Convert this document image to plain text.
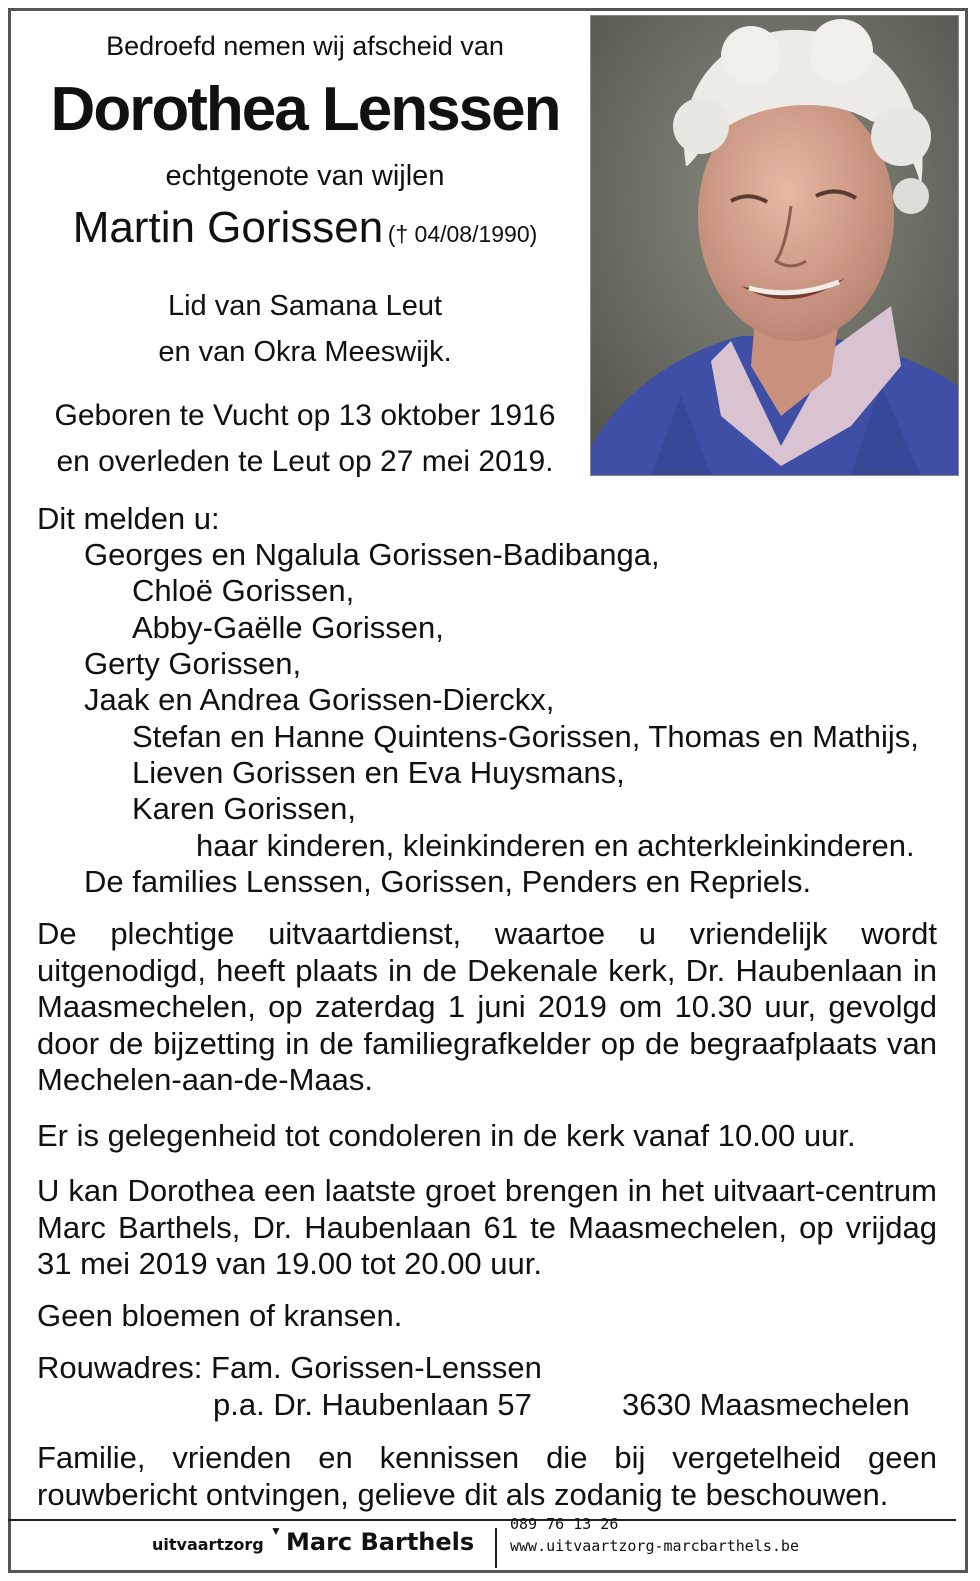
Bedroefd nemen wij afscheid van
Dorothea Lenssen
echtgenote van wijlen
Martin Gorissen († 04/08/1990)
Lid van Samana Leut
en van Okra Meeswijk.
Geboren te Vucht op 13 oktober 1916
en overleden te Leut op 27 mei 2019.
Dit melden u:
Georges en Ngalula Gorissen-Badibanga,
Chloë Gorissen,
Abby-Gaëlle Gorissen,
Gerty Gorissen,
Jaak en Andrea Gorissen-Dierckx,
Stefan en Hanne Quintens-Gorissen, Thomas en Mathijs,
Lieven Gorissen en Eva Huysmans,
Karen Gorissen,
haar kinderen, kleinkinderen en achterkleinkinderen.
De families Lenssen, Gorissen, Penders en Repriels.
De plechtige uitvaartdienst, waartoe u vriendelijk wordt uitgenodigd, heeft plaats in de Dekenale kerk, Dr. Haubenlaan in Maasmechelen, op zaterdag 1 juni 2019 om 10.30 uur, gevolgd door de bijzetting in de familiegrafkelder op de begraafplaats van Mechelen-aan-de-Maas.
Er is gelegenheid tot condoleren in de kerk vanaf 10.00 uur.
U kan Dorothea een laatste groet brengen in het uitvaart-centrum Marc Barthels, Dr. Haubenlaan 61 te Maasmechelen, op vrijdag 31 mei 2019 van 19.00 tot 20.00 uur.
Geen bloemen of kransen.
Rouwadres: Fam. Gorissen-Lenssen
p.a. Dr. Haubenlaan 57	3630 Maasmechelen
Familie, vrienden en kennissen die bij vergetelheid geen rouwbericht ontvingen, gelieve dit als zodanig te beschouwen.
uitvaartzorg
▼ Marc Barthels
089 76 13 26
www.uitvaartzorg-marcbarthels.be
